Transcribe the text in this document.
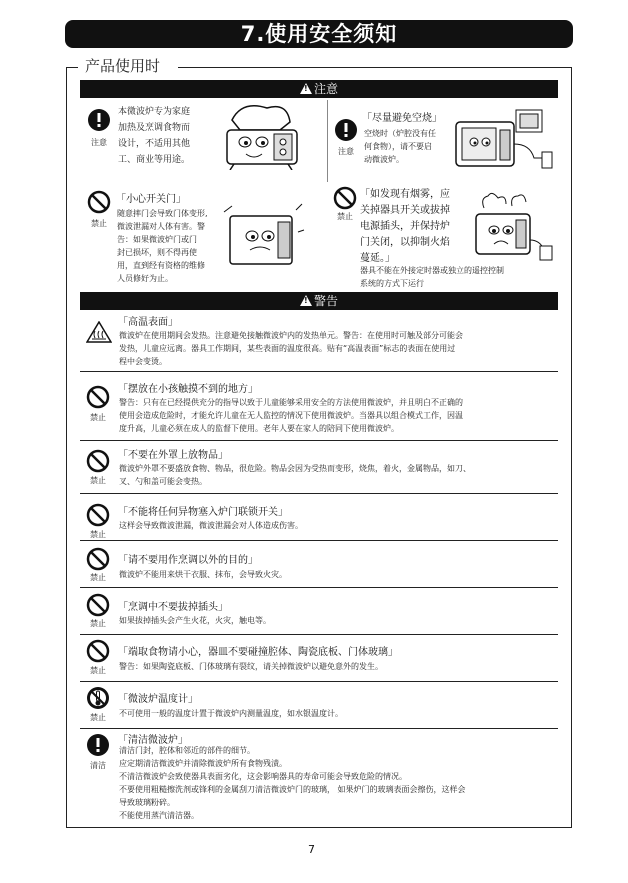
7.使用安全须知
产品使用时
!注意
注意
本微波炉专为家庭
加热及烹调食物而
设计，不适用其他
工、商业等用途。
注意
「尽量避免空烧」
空烧时（炉腔没有任
何食物），请不要启
动微波炉。
禁止
「小心开关门」
随意摔门会导致门体变形,
微波泄漏对人体有害。警
告：如果微波炉门或门
封已损坏，则不得再使
用，直到经有资格的维修
人员修好为止。
禁止
「如发现有烟雾，应
关掉器具开关或拔掉
电源插头，并保持炉
门关闭，以抑制火焰
蔓延。」
器具不能在外接定时器或独立的遥控控制
系统的方式下运行
!警告
「高温表面」
微波炉在使用期间会发热。注意避免接触微波炉内的发热单元。警告：在使用时可触及部分可能会
发热，儿童应远离。器具工作期间，某些表面的温度很高。贴有“高温表面”标志的表面在使用过
程中会变烫。
禁止
「摆放在小孩触摸不到的地方」
警告：只有在已经提供充分的指导以致于儿童能够采用安全的方法使用微波炉，并且明白不正确的
使用会造成危险时，才能允许儿童在无人监控的情况下使用微波炉。当器具以组合模式工作，因温
度升高，儿童必须在成人的监督下使用。老年人要在家人的陪同下使用微波炉。
禁止
「不要在外罩上放物品」
微波炉外罩不要盛放食物、物品，很危险。物品会因为受热而变形，烧焦，着火，金属物品，如刀、
叉、勺和盖可能会变热。
禁止
「不能将任何异物塞入炉门联锁开关」
这样会导致微波泄漏，微波泄漏会对人体造成伤害。
禁止
「请不要用作烹调以外的目的」
微波炉不能用来烘干衣服、抹布，会导致火灾。
禁止
「烹调中不要拔掉插头」
如果拔掉插头会产生火花，火灾，触电等。
禁止
「端取食物请小心，器皿不要碰撞腔体、陶瓷底板、门体玻璃」
警告：如果陶瓷底板、门体玻璃有裂纹，请关掉微波炉以避免意外的发生。
禁止
「微波炉温度计」
不可使用一般的温度计置于微波炉内测量温度，如水银温度计。
清洁
「清洁微波炉」
清洁门封，腔体和邻近的部件的细节。
应定期清洁微波炉并清除微波炉所有食物残渍。
不清洁微波炉会致使器具表面劣化，这会影响器具的寿命可能会导致危险的情况。
不要使用粗糙擦洗剂或锋利的金属刮刀清洁微波炉门的玻璃， 如果炉门的玻璃表面会擦伤，这样会
导致玻璃粉碎。
不能使用蒸汽清洁器。
7
